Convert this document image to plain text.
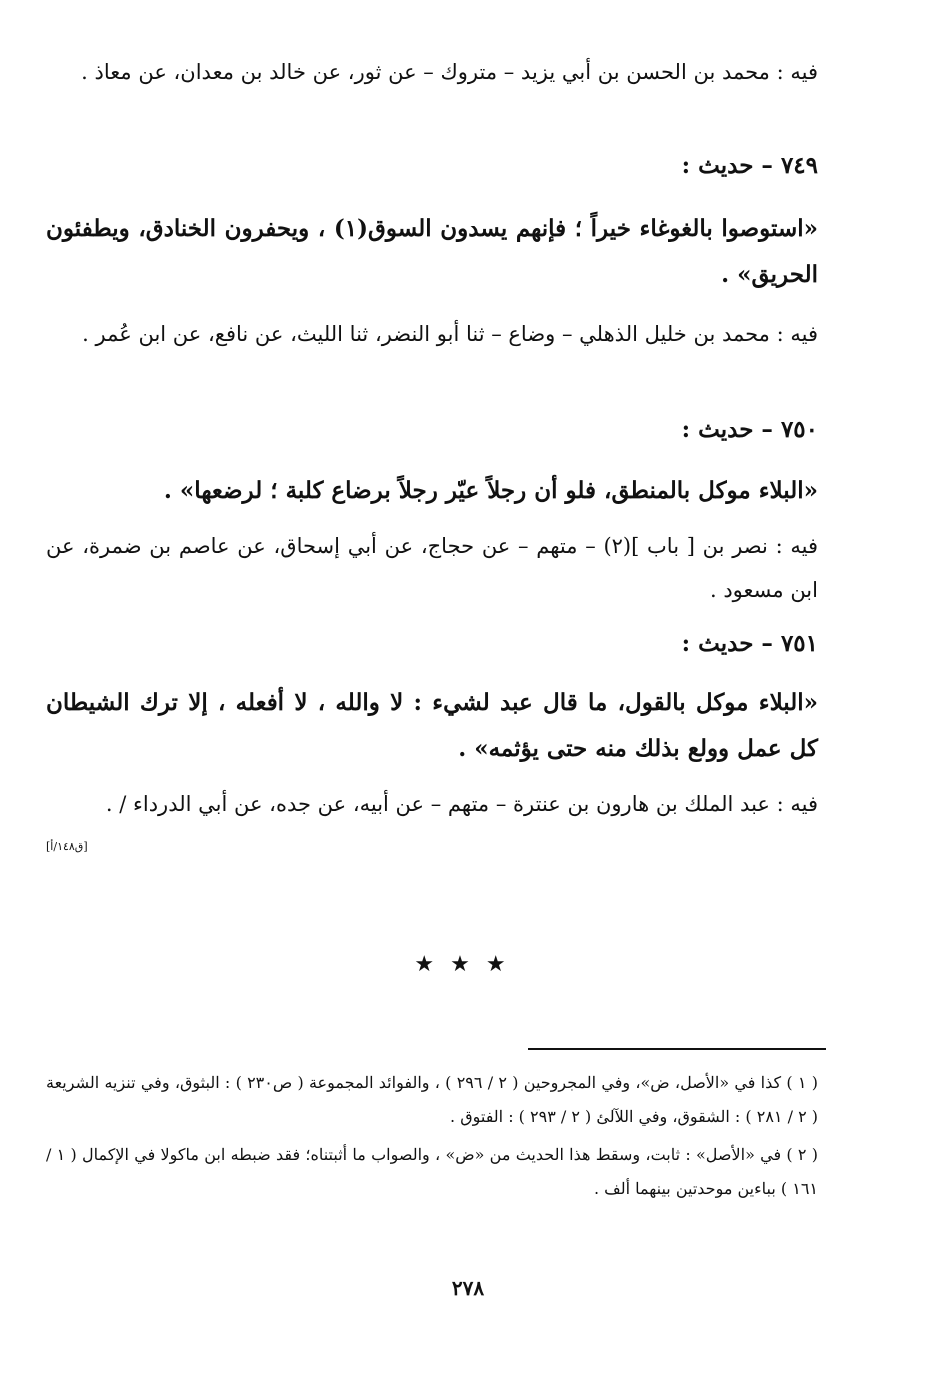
فيه : محمد بن الحسن بن أبي يزيد – متروك – عن ثور، عن خالد بن معدان، عن معاذ .

٧٤٩ – حديث :

«استوصوا بالغوغاء خيراً ؛ فإنهم يسدون السوق(١) ، ويحفرون الخنادق، ويطفئون الحريق» .

فيه : محمد بن خليل الذهلي – وضاع – ثنا أبو النضر، ثنا الليث، عن نافع، عن ابن عُمر .

٧٥٠ – حديث :

«البلاء موكل بالمنطق، فلو أن رجلاً عيّر رجلاً برضاع كلبة ؛ لرضعها» .

فيه : نصر بن [ باب ](٢) – متهم – عن حجاج، عن أبي إسحاق، عن عاصم بن ضمرة، عن ابن مسعود .

٧٥١ – حديث :

«البلاء موكل بالقول، ما قال عبد لشيء : لا والله ، لا أفعله ، إلا ترك الشيطان كل عمل وولع بذلك منه حتى يؤثمه» .

فيه : عبد الملك بن هارون بن عنترة – متهم – عن أبيه، عن جده، عن أبي الدرداء / .

[ق١٤٨/أ]
★★★

( ١ ) كذا في «الأصل، ض»، وفي المجروحين ( ٢ / ٢٩٦ ) ، والفوائد المجموعة ( ص٢٣٠ ) : البثوق، وفي تنزيه الشريعة ( ٢ / ٢٨١ ) : الشقوق، وفي اللآلئ ( ٢ / ٢٩٣ ) : الفتوق .

( ٢ ) في «الأصل» : ثابت، وسقط هذا الحديث من «ض» ، والصواب ما أثبتناه؛ فقد ضبطه ابن ماكولا في الإكمال ( ١ / ١٦١ ) بباءين موحدتين بينهما ألف .

٢٧٨
